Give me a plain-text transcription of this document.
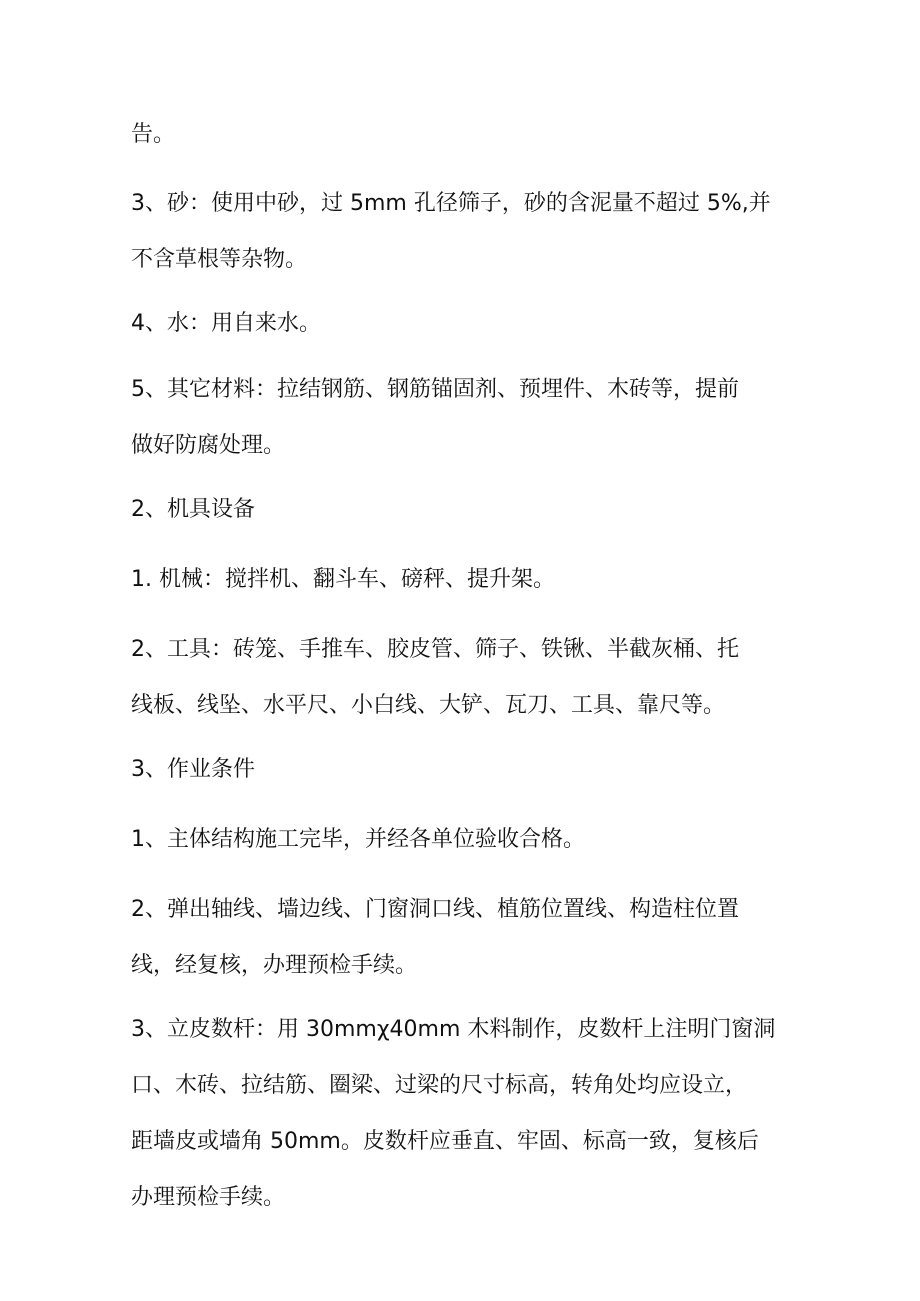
告。

3、砂：使用中砂，过 5mm 孔径筛子，砂的含泥量不超过 5%,并
不含草根等杂物。

4、水：用自来水。

5、其它材料：拉结钢筋、钢筋锚固剂、预埋件、木砖等，提前
做好防腐处理。

2、机具设备

1. 机械：搅拌机、翻斗车、磅秤、提升架。

2、工具：砖笼、手推车、胶皮管、筛子、铁锹、半截灰桶、托
线板、线坠、水平尺、小白线、大铲、瓦刀、工具、靠尺等。

3、作业条件

1、主体结构施工完毕，并经各单位验收合格。

2、弹出轴线、墙边线、门窗洞口线、植筋位置线、构造柱位置
线，经复核，办理预检手续。

3、立皮数杆：用 30mmχ40mm 木料制作，皮数杆上注明门窗洞
口、木砖、拉结筋、圈梁、过梁的尺寸标高，转角处均应设立，
距墙皮或墙角 50mm。皮数杆应垂直、牢固、标高一致，复核后
办理预检手续。
